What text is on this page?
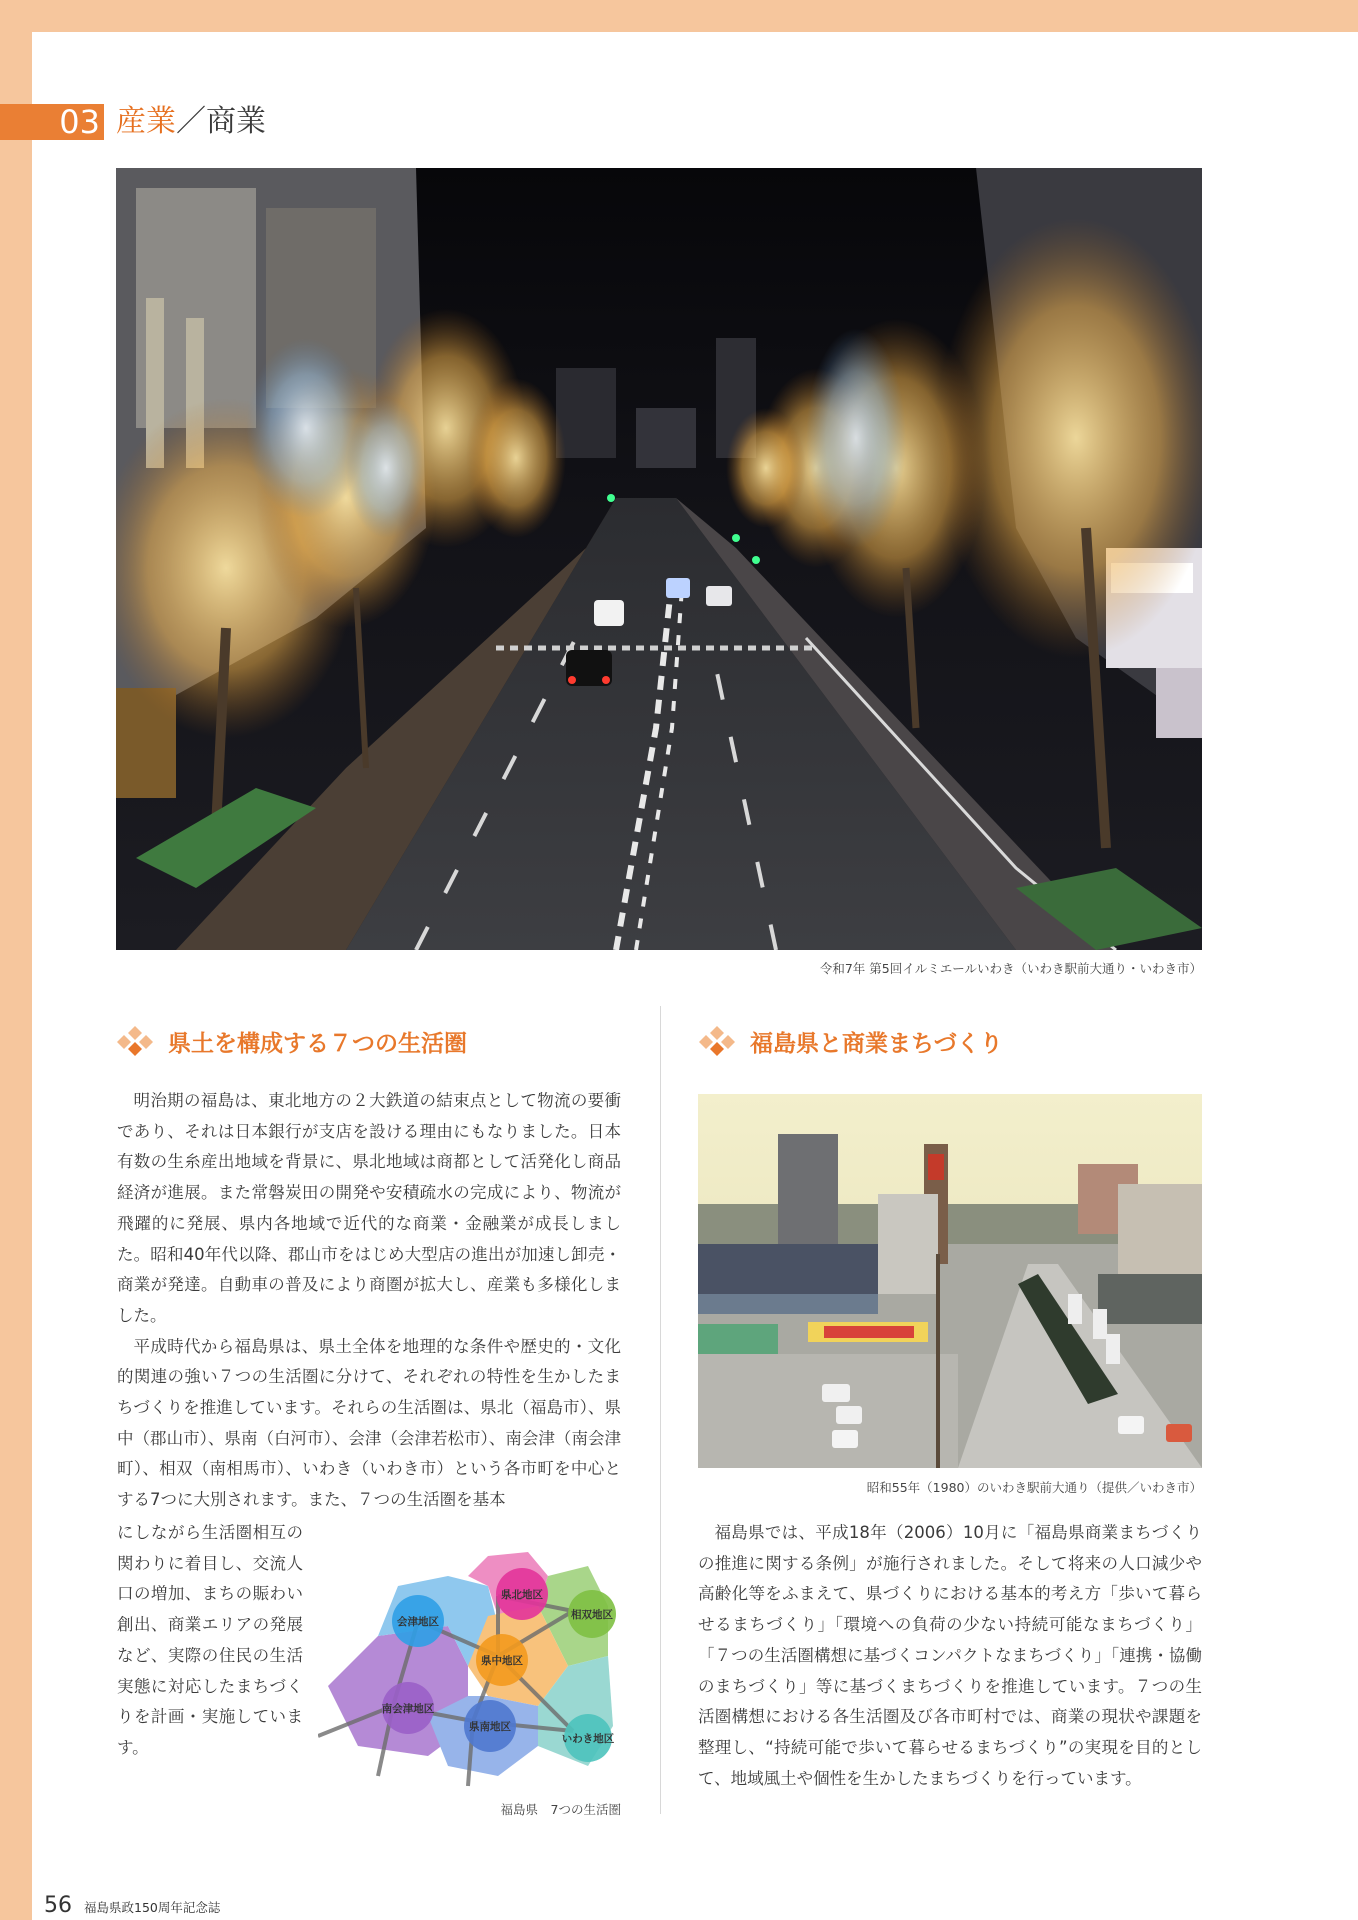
03 産業／商業
令和7年 第5回イルミエールいわき（いわき駅前大通り・いわき市）
県土を構成する７つの生活圏

明治期の福島は、東北地方の２大鉄道の結束点として物流の要衝であり、それは日本銀行が支店を設ける理由にもなりました。日本有数の生糸産出地域を背景に、県北地域は商都として活発化し商品経済が進展。また常磐炭田の開発や安積疏水の完成により、物流が飛躍的に発展、県内各地域で近代的な商業・金融業が成長しました。昭和40年代以降、郡山市をはじめ大型店の進出が加速し卸売・商業が発達。自動車の普及により商圏が拡大し、産業も多様化しました。

平成時代から福島県は、県土全体を地理的な条件や歴史的・文化的関連の強い７つの生活圏に分けて、それぞれの特性を生かしたまちづくりを推進しています。それらの生活圏は、県北（福島市）、県中（郡山市）、県南（白河市）、会津（会津若松市）、南会津（南会津町）、相双（南相馬市）、いわき（いわき市）という各市町を中心とする7つに大別されます。また、７つの生活圏を基本

にしながら生活圏相互の関わりに着目し、交流人口の増加、まちの賑わい創出、商業エリアの発展など、実際の住民の生活実態に対応したまちづくりを計画・実施しています。

会津地区
県北地区
相双地区
県中地区
南会津地区
県南地区
いわき地区
福島県　7つの生活圏
福島県と商業まちづくり
昭和55年（1980）のいわき駅前大通り（提供／いわき市）

福島県では、平成18年（2006）10月に「福島県商業まちづくりの推進に関する条例」が施行されました。そして将来の人口減少や高齢化等をふまえて、県づくりにおける基本的考え方「歩いて暮らせるまちづくり」「環境への負荷の少ない持続可能なまちづくり」「７つの生活圏構想に基づくコンパクトなまちづくり」「連携・協働のまちづくり」等に基づくまちづくりを推進しています。７つの生活圏構想における各生活圏及び各市町村では、商業の現状や課題を整理し、“持続可能で歩いて暮らせるまちづくり”の実現を目的として、地域風土や個性を生かしたまちづくりを行っています。

56 福島県政150周年記念誌
